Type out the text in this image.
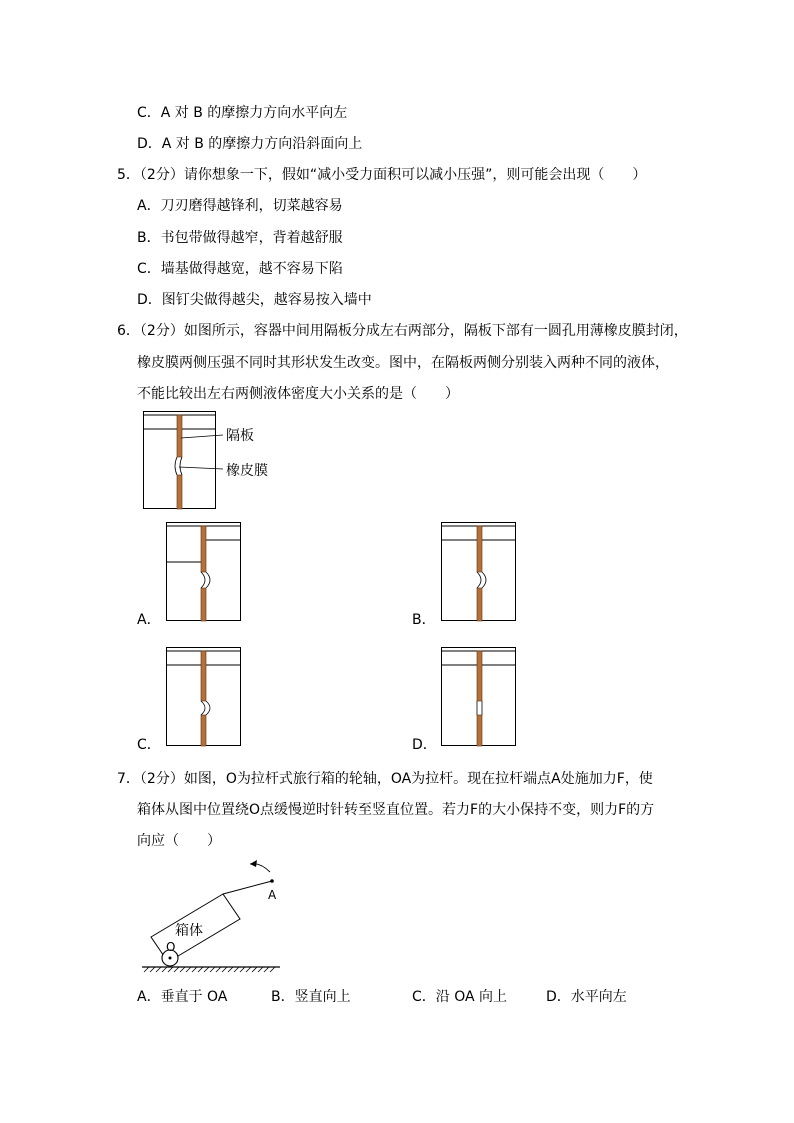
C．A 对 B 的摩擦力方向水平向左
D．A 对 B 的摩擦力方向沿斜面向上
5．（2分）请你想象一下，假如“减小受力面积可以减小压强”，则可能会出现（　　）
A．刀刃磨得越锋利，切菜越容易
B．书包带做得越窄，背着越舒服
C．墙基做得越宽，越不容易下陷
D．图钉尖做得越尖，越容易按入墙中
6．（2分）如图所示，容器中间用隔板分成左右两部分，隔板下部有一圆孔用薄橡皮膜封闭，
橡皮膜两侧压强不同时其形状发生改变。图中，在隔板两侧分别装入两种不同的液体，
不能比较出左右两侧液体密度大小关系的是（　　）
隔板
橡皮膜
A．	B．
C．	D．
7．（2分）如图，O为拉杆式旅行箱的轮轴，OA为拉杆。现在拉杆端点A处施加力F，使
箱体从图中位置绕O点缓慢逆时针转至竖直位置。若力F的大小保持不变，则力F的方
向应（　　）
箱体
O
A
A．垂直于 OA	B．竖直向上	C．沿 OA 向上	D．水平向左
